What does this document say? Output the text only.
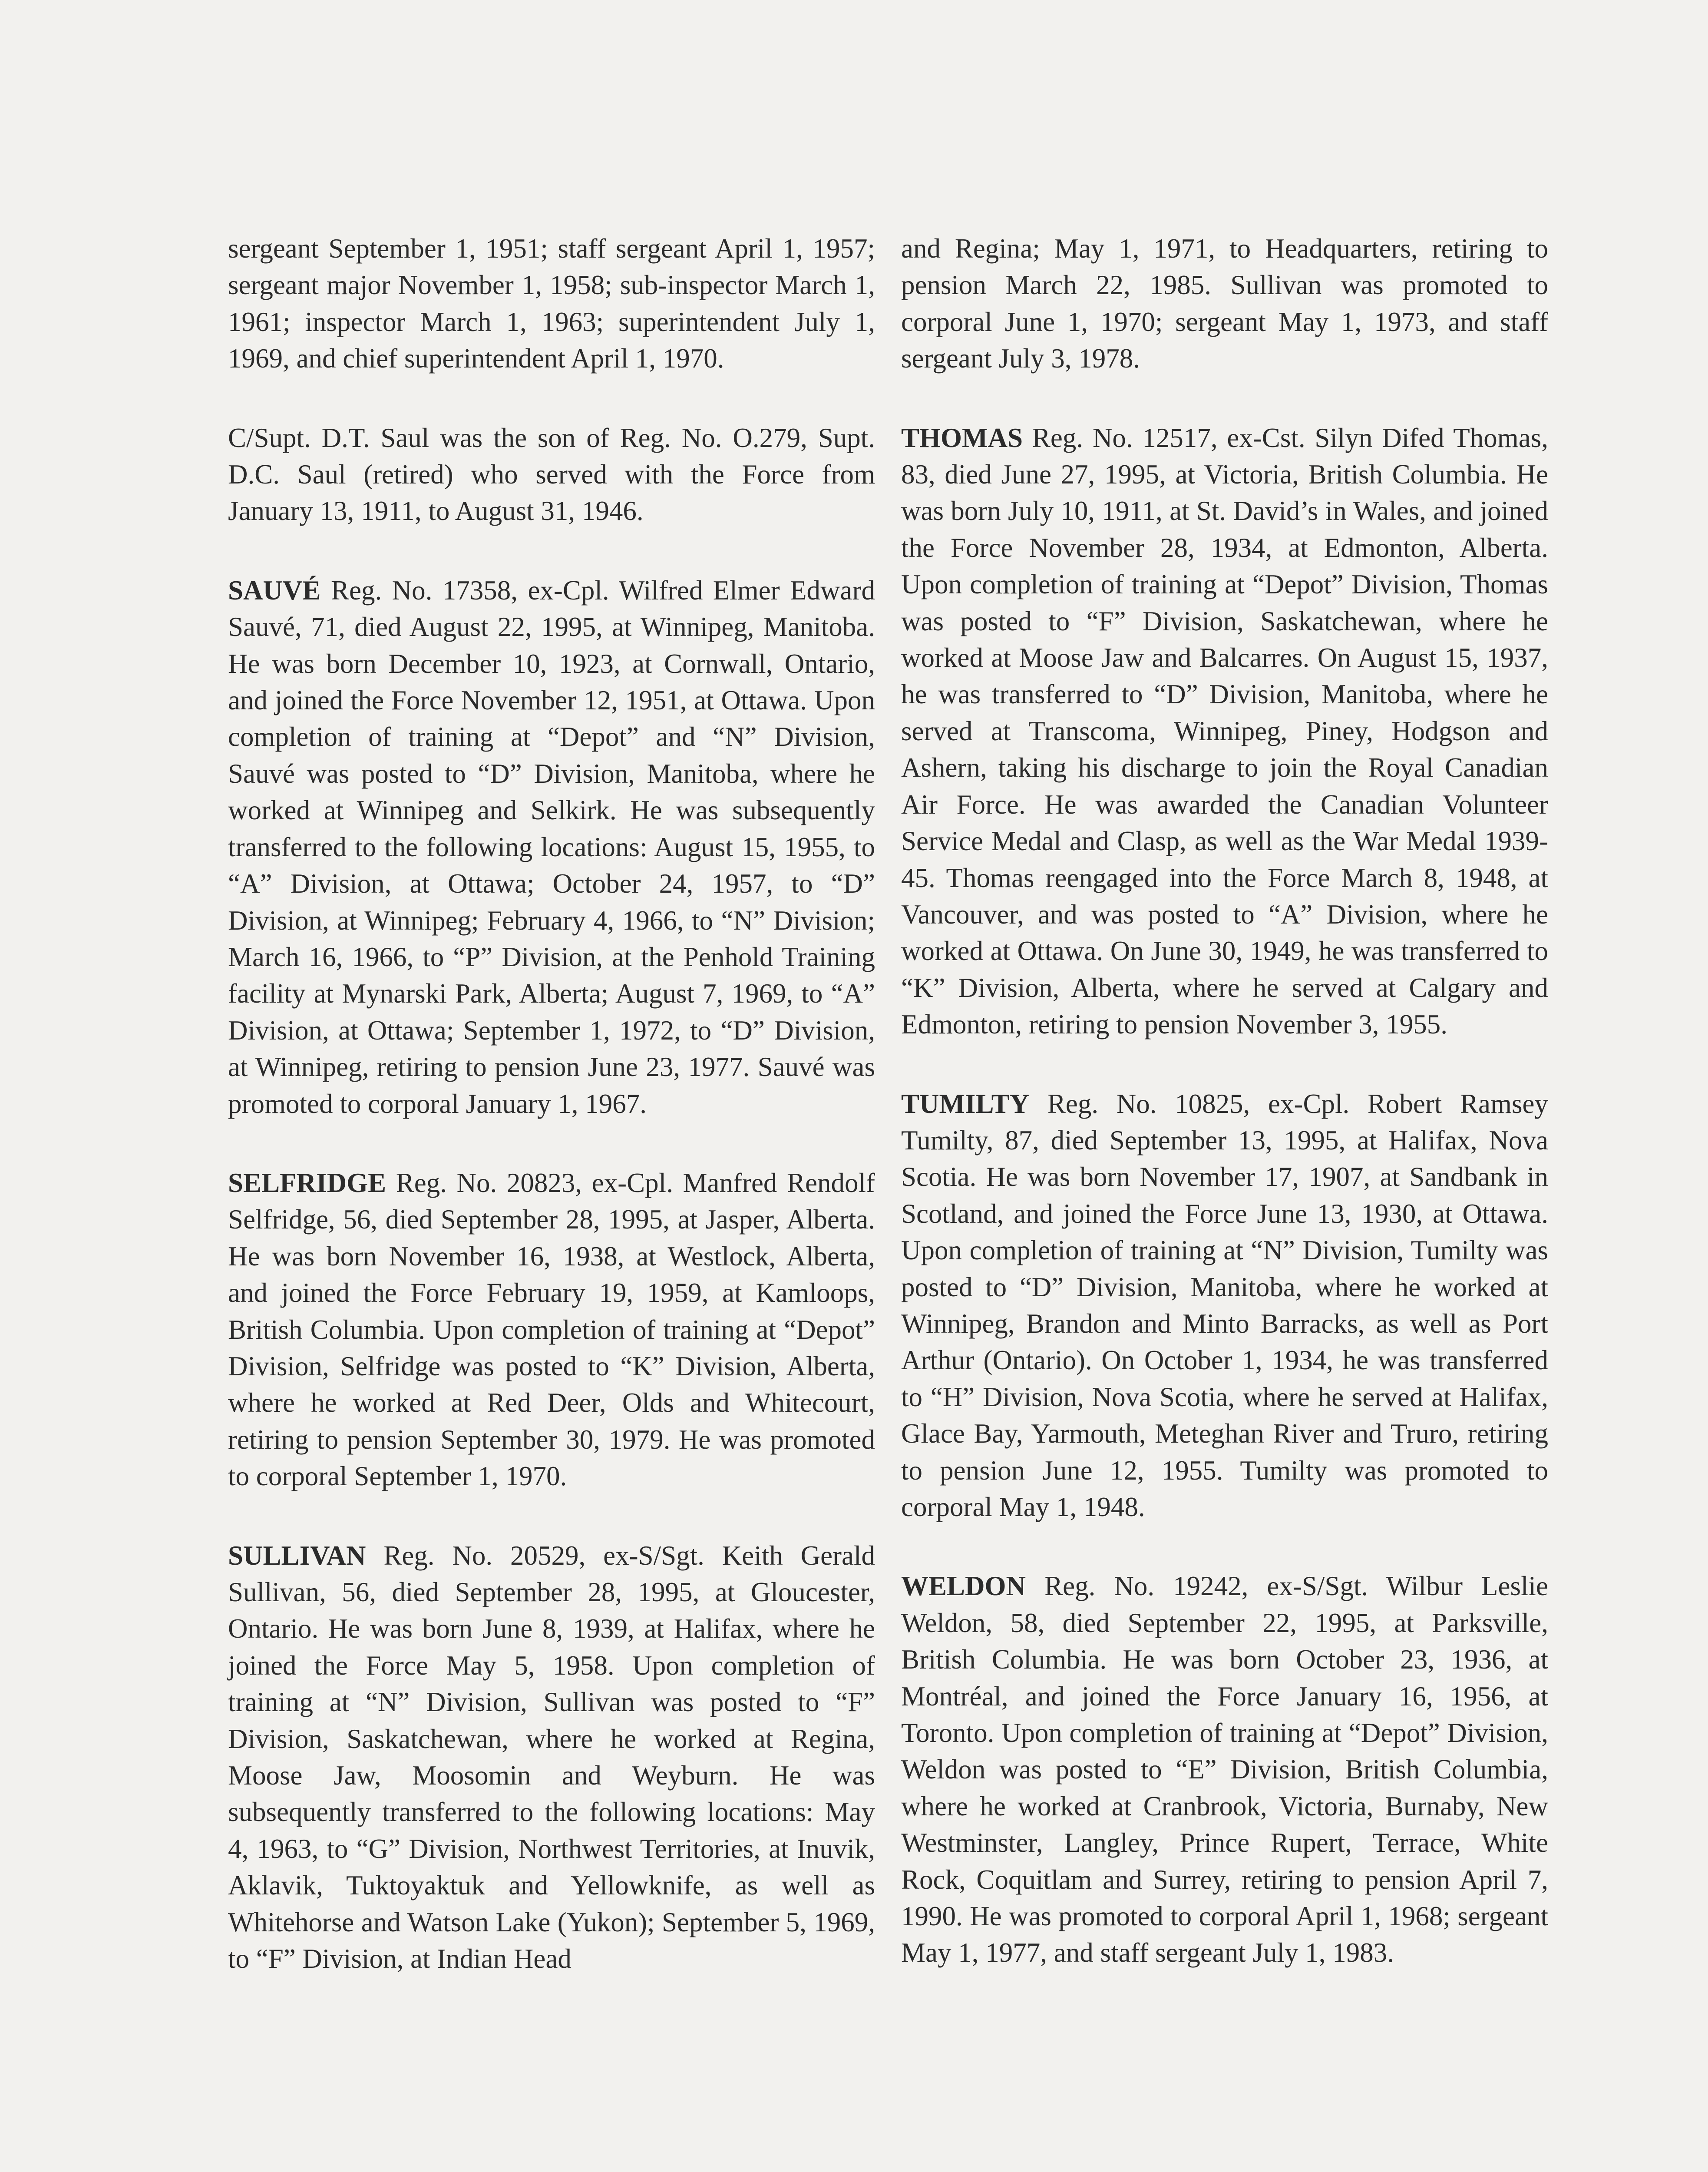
sergeant September 1, 1951; staff sergeant April 1, 1957; sergeant major November 1, 1958; sub-inspector March 1, 1961; inspector March 1, 1963; superintendent July 1, 1969, and chief superintendent April 1, 1970.

C/Supt. D.T. Saul was the son of Reg. No. O.279, Supt. D.C. Saul (retired) who served with the Force from January 13, 1911, to August 31, 1946.

SAUVÉ Reg. No. 17358, ex-Cpl. Wilfred Elmer Edward Sauvé, 71, died August 22, 1995, at Winnipeg, Manitoba. He was born December 10, 1923, at Cornwall, Ontario, and joined the Force November 12, 1951, at Ottawa. Upon completion of training at “Depot” and “N” Division, Sauvé was posted to “D” Division, Manitoba, where he worked at Winnipeg and Selkirk. He was subsequently transferred to the following locations: August 15, 1955, to “A” Division, at Ottawa; October 24, 1957, to “D” Division, at Winnipeg; February 4, 1966, to “N” Division; March 16, 1966, to “P” Division, at the Penhold Training facility at Mynarski Park, Alberta; August 7, 1969, to “A” Division, at Ottawa; September 1, 1972, to “D” Division, at Winnipeg, retiring to pension June 23, 1977. Sauvé was promoted to corporal January 1, 1967.

SELFRIDGE Reg. No. 20823, ex-Cpl. Manfred Rendolf Selfridge, 56, died September 28, 1995, at Jasper, Alberta. He was born November 16, 1938, at Westlock, Alberta, and joined the Force February 19, 1959, at Kamloops, British Columbia. Upon completion of training at “Depot” Division, Selfridge was posted to “K” Division, Alberta, where he worked at Red Deer, Olds and Whitecourt, retiring to pension September 30, 1979. He was promoted to corporal September 1, 1970.

SULLIVAN Reg. No. 20529, ex-S/Sgt. Keith Gerald Sullivan, 56, died September 28, 1995, at Gloucester, Ontario. He was born June 8, 1939, at Halifax, where he joined the Force May 5, 1958. Upon completion of training at “N” Division, Sullivan was posted to “F” Division, Saskatchewan, where he worked at Regina, Moose Jaw, Moosomin and Weyburn. He was subsequently transferred to the following locations: May 4, 1963, to “G” Division, Northwest Territories, at Inuvik, Aklavik, Tuktoyaktuk and Yellowknife, as well as Whitehorse and Watson Lake (Yukon); September 5, 1969, to “F” Division, at Indian Head

and Regina; May 1, 1971, to Headquarters, retiring to pension March 22, 1985. Sullivan was promoted to corporal June 1, 1970; sergeant May 1, 1973, and staff sergeant July 3, 1978.

THOMAS Reg. No. 12517, ex-Cst. Silyn Difed Thomas, 83, died June 27, 1995, at Victoria, British Columbia. He was born July 10, 1911, at St. David’s in Wales, and joined the Force November 28, 1934, at Edmonton, Alberta. Upon completion of training at “Depot” Division, Thomas was posted to “F” Division, Saskatchewan, where he worked at Moose Jaw and Balcarres. On August 15, 1937, he was transferred to “D” Division, Manitoba, where he served at Transcoma, Winnipeg, Piney, Hodgson and Ashern, taking his discharge to join the Royal Canadian Air Force. He was awarded the Canadian Volunteer Service Medal and Clasp, as well as the War Medal 1939-45. Thomas reengaged into the Force March 8, 1948, at Vancouver, and was posted to “A” Division, where he worked at Ottawa. On June 30, 1949, he was transferred to “K” Division, Alberta, where he served at Calgary and Edmonton, retiring to pension November 3, 1955.

TUMILTY Reg. No. 10825, ex-Cpl. Robert Ramsey Tumilty, 87, died September 13, 1995, at Halifax, Nova Scotia. He was born November 17, 1907, at Sandbank in Scotland, and joined the Force June 13, 1930, at Ottawa. Upon completion of training at “N” Division, Tumilty was posted to “D” Division, Manitoba, where he worked at Winnipeg, Brandon and Minto Barracks, as well as Port Arthur (Ontario). On October 1, 1934, he was transferred to “H” Division, Nova Scotia, where he served at Halifax, Glace Bay, Yarmouth, Meteghan River and Truro, retiring to pension June 12, 1955. Tumilty was promoted to corporal May 1, 1948.

WELDON Reg. No. 19242, ex-S/Sgt. Wilbur Leslie Weldon, 58, died September 22, 1995, at Parksville, British Columbia. He was born October 23, 1936, at Montréal, and joined the Force January 16, 1956, at Toronto. Upon completion of training at “Depot” Division, Weldon was posted to “E” Division, British Columbia, where he worked at Cranbrook, Victoria, Burnaby, New Westminster, Langley, Prince Rupert, Terrace, White Rock, Coquitlam and Surrey, retiring to pension April 7, 1990. He was promoted to corporal April 1, 1968; sergeant May 1, 1977, and staff sergeant July 1, 1983.
